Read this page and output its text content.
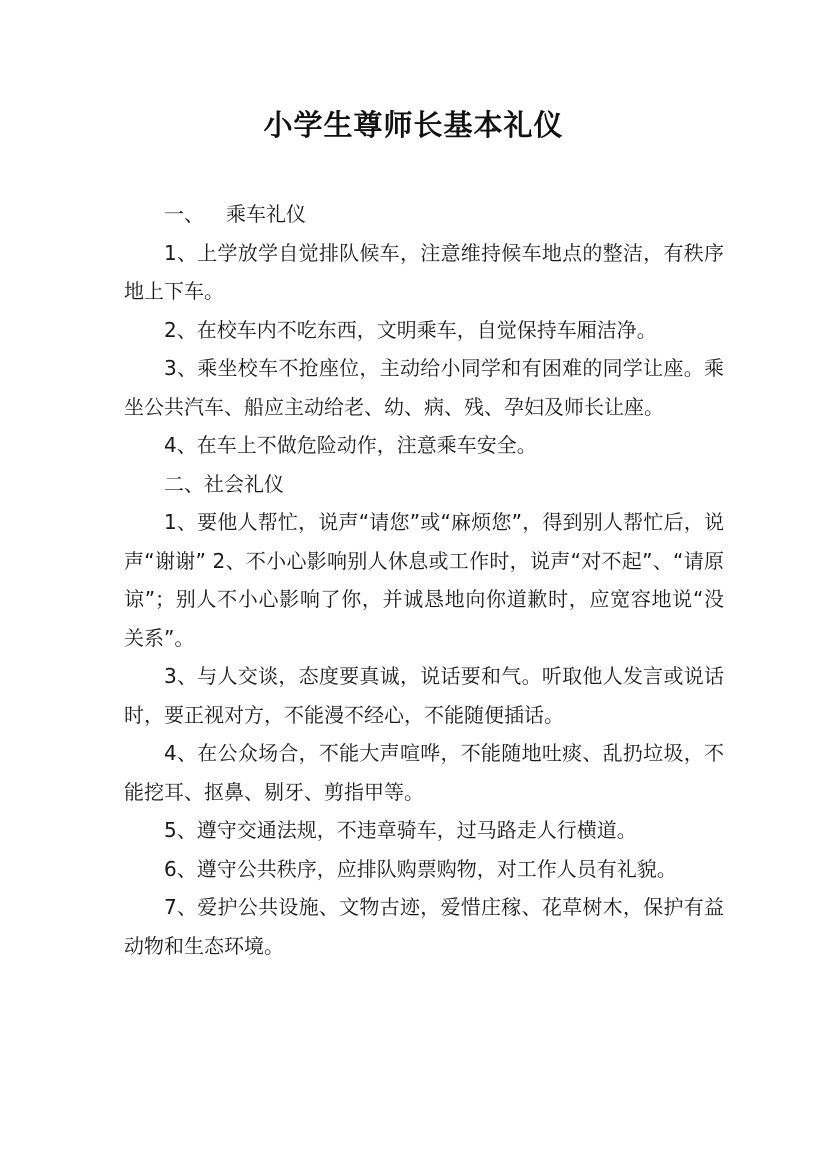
小学生尊师长基本礼仪

一、 乘车礼仪

1、上学放学自觉排队候车，注意维持候车地点的整洁，有秩序地上下车。

2、在校车内不吃东西，文明乘车，自觉保持车厢洁净。

3、乘坐校车不抢座位，主动给小同学和有困难的同学让座。乘坐公共汽车、船应主动给老、幼、病、残、孕妇及师长让座。

4、在车上不做危险动作，注意乘车安全。

二、社会礼仪

1、要他人帮忙，说声“请您”或“麻烦您”，得到别人帮忙后，说声“谢谢” 2、不小心影响别人休息或工作时，说声“对不起”、“请原谅”；别人不小心影响了你，并诚恳地向你道歉时，应宽容地说“没关系”。

3、与人交谈，态度要真诚，说话要和气。听取他人发言或说话时，要正视对方，不能漫不经心，不能随便插话。

4、在公众场合，不能大声喧哗，不能随地吐痰、乱扔垃圾，不能挖耳、抠鼻、剔牙、剪指甲等。

5、遵守交通法规，不违章骑车，过马路走人行横道。

6、遵守公共秩序，应排队购票购物，对工作人员有礼貌。

7、爱护公共设施、文物古迹，爱惜庄稼、花草树木，保护有益动物和生态环境。
